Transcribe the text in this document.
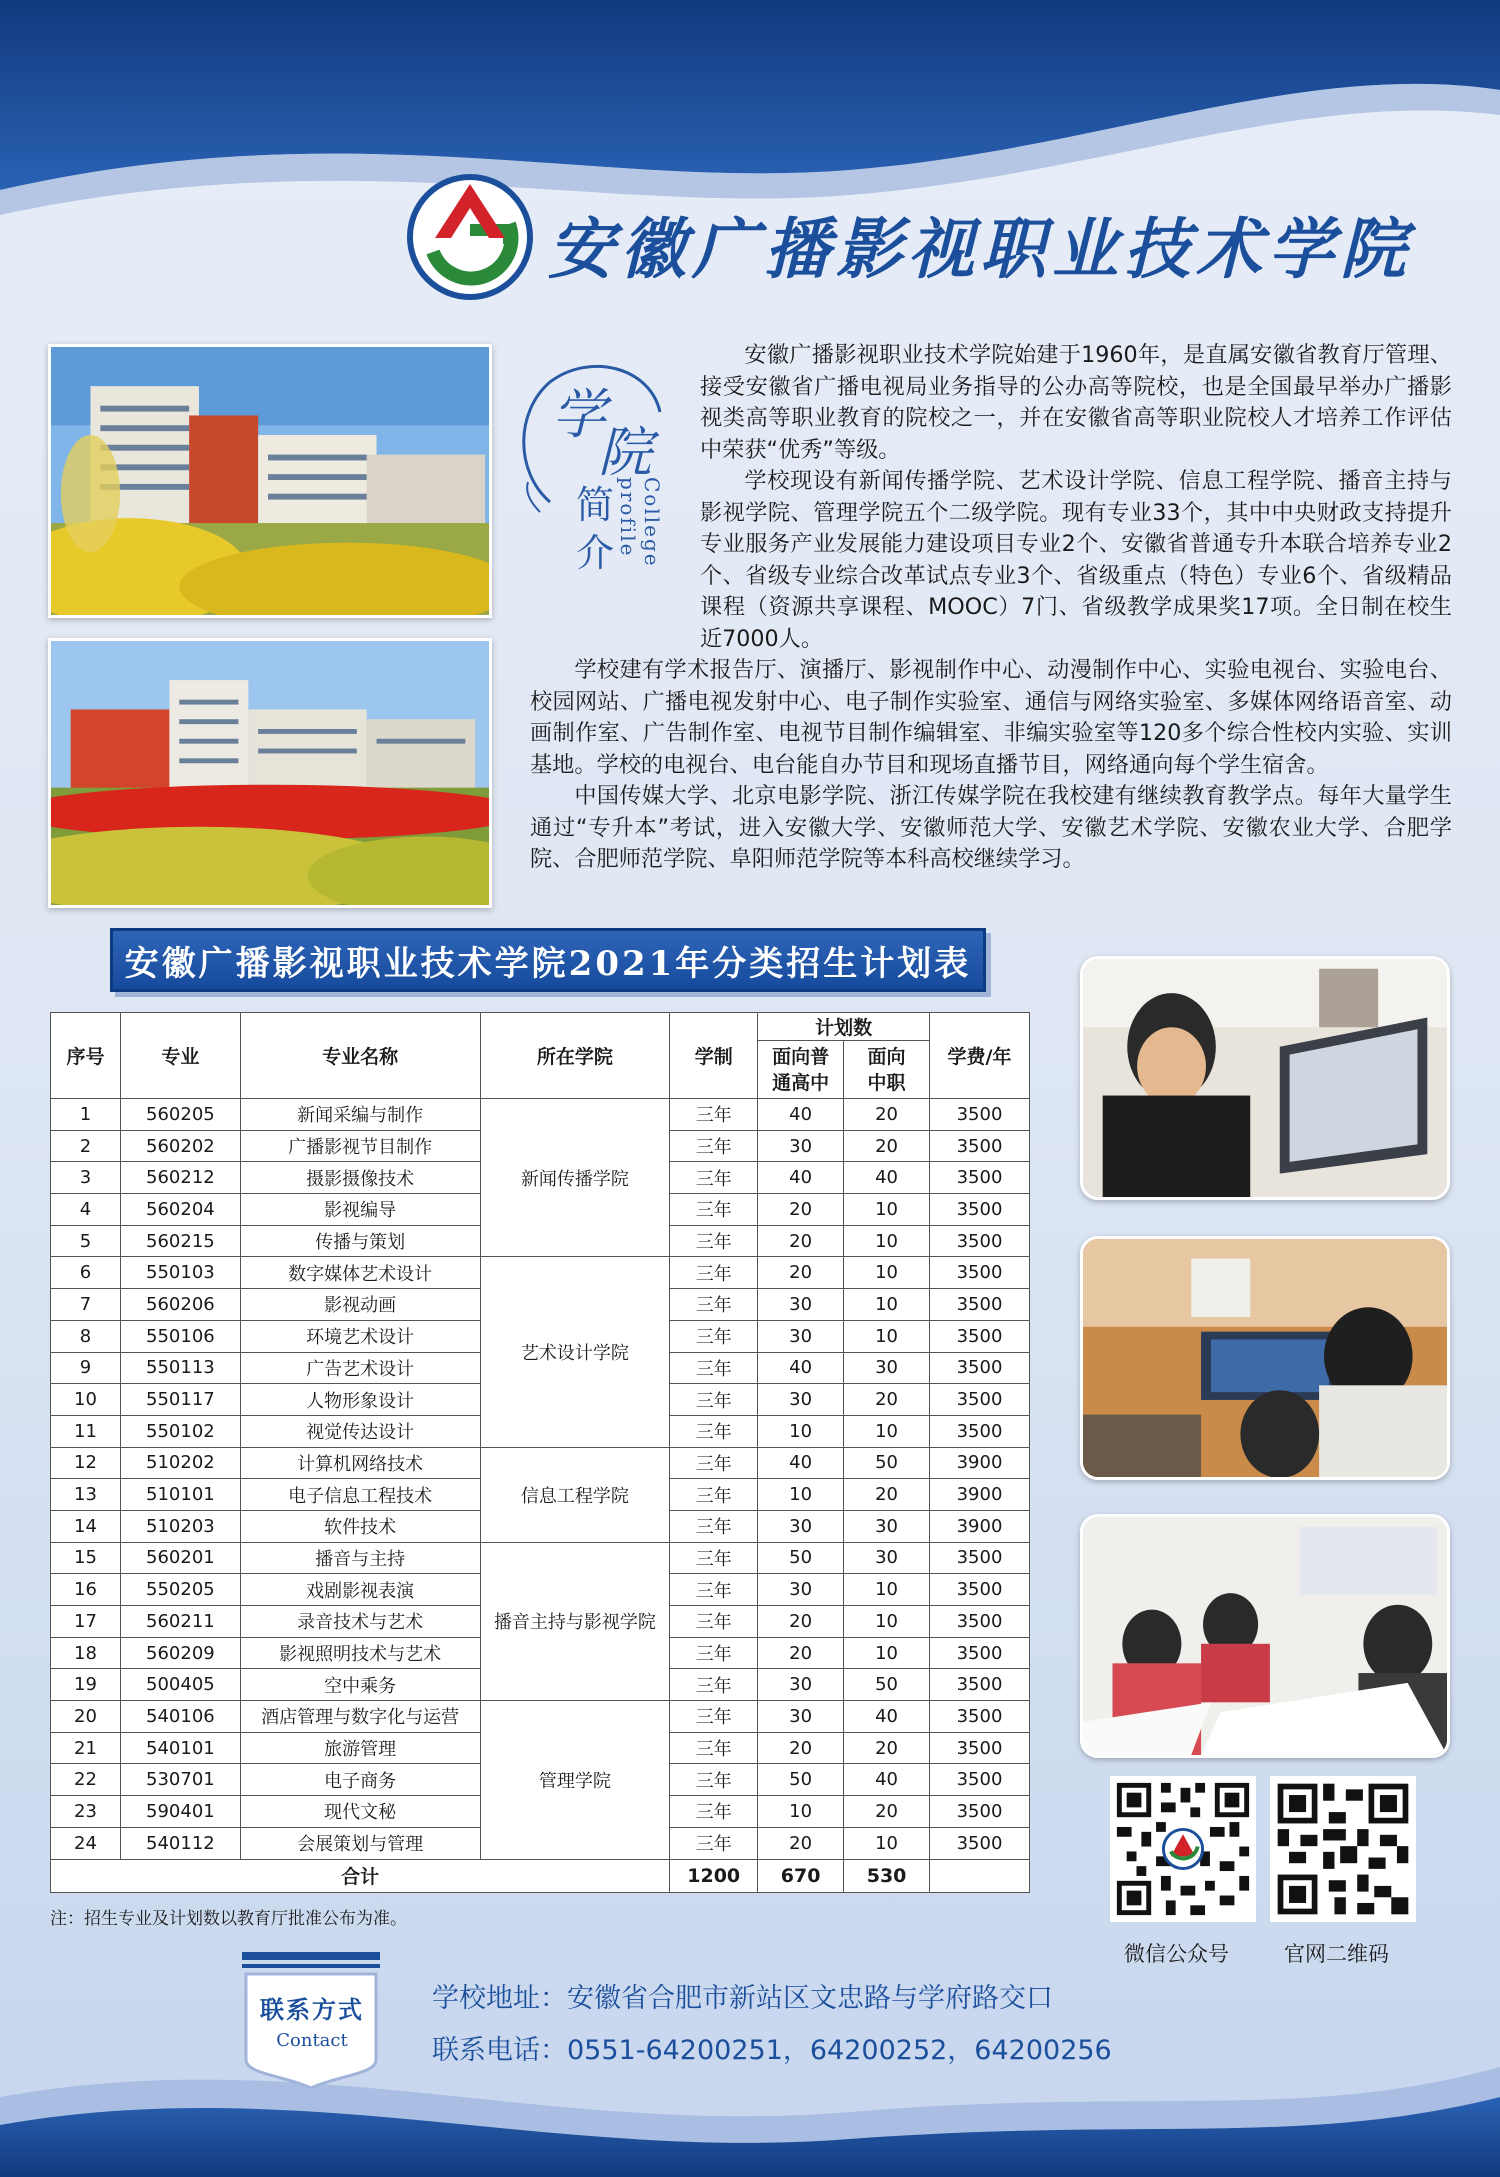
安徽广播影视职业技术学院
学
院
简
介	College profile

安徽广播影视职业技术学院始建于1960年，是直属安徽省教育厅管理、接受安徽省广播电视局业务指导的公办高等院校，也是全国最早举办广播影视类高等职业教育的院校之一，并在安徽省高等职业院校人才培养工作评估中荣获“优秀”等级。

学校现设有新闻传播学院、艺术设计学院、信息工程学院、播音主持与影视学院、管理学院五个二级学院。现有专业33个，其中中央财政支持提升专业服务产业发展能力建设项目专业2个、安徽省普通专升本联合培养专业2个、省级专业综合改革试点专业3个、省级重点（特色）专业6个、省级精品课程（资源共享课程、MOOC）7门、省级教学成果奖17项。全日制在校生近7000人。

学校建有学术报告厅、演播厅、影视制作中心、动漫制作中心、实验电视台、实验电台、校园网站、广播电视发射中心、电子制作实验室、通信与网络实验室、多媒体网络语音室、动画制作室、广告制作室、电视节目制作编辑室、非编实验室等120多个综合性校内实验、实训基地。学校的电视台、电台能自办节目和现场直播节目，网络通向每个学生宿舍。

中国传媒大学、北京电影学院、浙江传媒学院在我校建有继续教育教学点。每年大量学生通过“专升本”考试，进入安徽大学、安徽师范大学、安徽艺术学院、安徽农业大学、合肥学院、合肥师范学院、阜阳师范学院等本科高校继续学习。

安徽广播影视职业技术学院2021年分类招生计划表
序号	专业	专业名称	所在学院	学制	计划数		学费/年
					面向普通高中	面向中职	
1	560205	新闻采编与制作	新闻传播学院	三年	40	20	3500
2	560202	广播影视节目制作		三年	30	20	3500
3	560212	摄影摄像技术		三年	40	40	3500
4	560204	影视编导		三年	20	10	3500
5	560215	传播与策划		三年	20	10	3500
6	550103	数字媒体艺术设计	艺术设计学院	三年	20	10	3500
7	560206	影视动画		三年	30	10	3500
8	550106	环境艺术设计		三年	30	10	3500
9	550113	广告艺术设计		三年	40	30	3500
10	550117	人物形象设计		三年	30	20	3500
11	550102	视觉传达设计		三年	10	10	3500
12	510202	计算机网络技术	信息工程学院	三年	40	50	3900
13	510101	电子信息工程技术		三年	10	20	3900
14	510203	软件技术		三年	30	30	3900
15	560201	播音与主持	播音主持与影视学院	三年	50	30	3500
16	550205	戏剧影视表演		三年	30	10	3500
17	560211	录音技术与艺术		三年	20	10	3500
18	560209	影视照明技术与艺术		三年	20	10	3500
19	500405	空中乘务		三年	30	50	3500
20	540106	酒店管理与数字化与运营	管理学院	三年	30	40	3500
21	540101	旅游管理		三年	20	20	3500
22	530701	电子商务		三年	50	40	3500
23	590401	现代文秘		三年	10	20	3500
24	540112	会展策划与管理		三年	20	10	3500
合计				1200	670	530	
注：招生专业及计划数以教育厅批准公布为准。
微信公众号	官网二维码
联系方式
Contact
学校地址：安徽省合肥市新站区文忠路与学府路交口
联系电话：0551-64200251，64200252，64200256
